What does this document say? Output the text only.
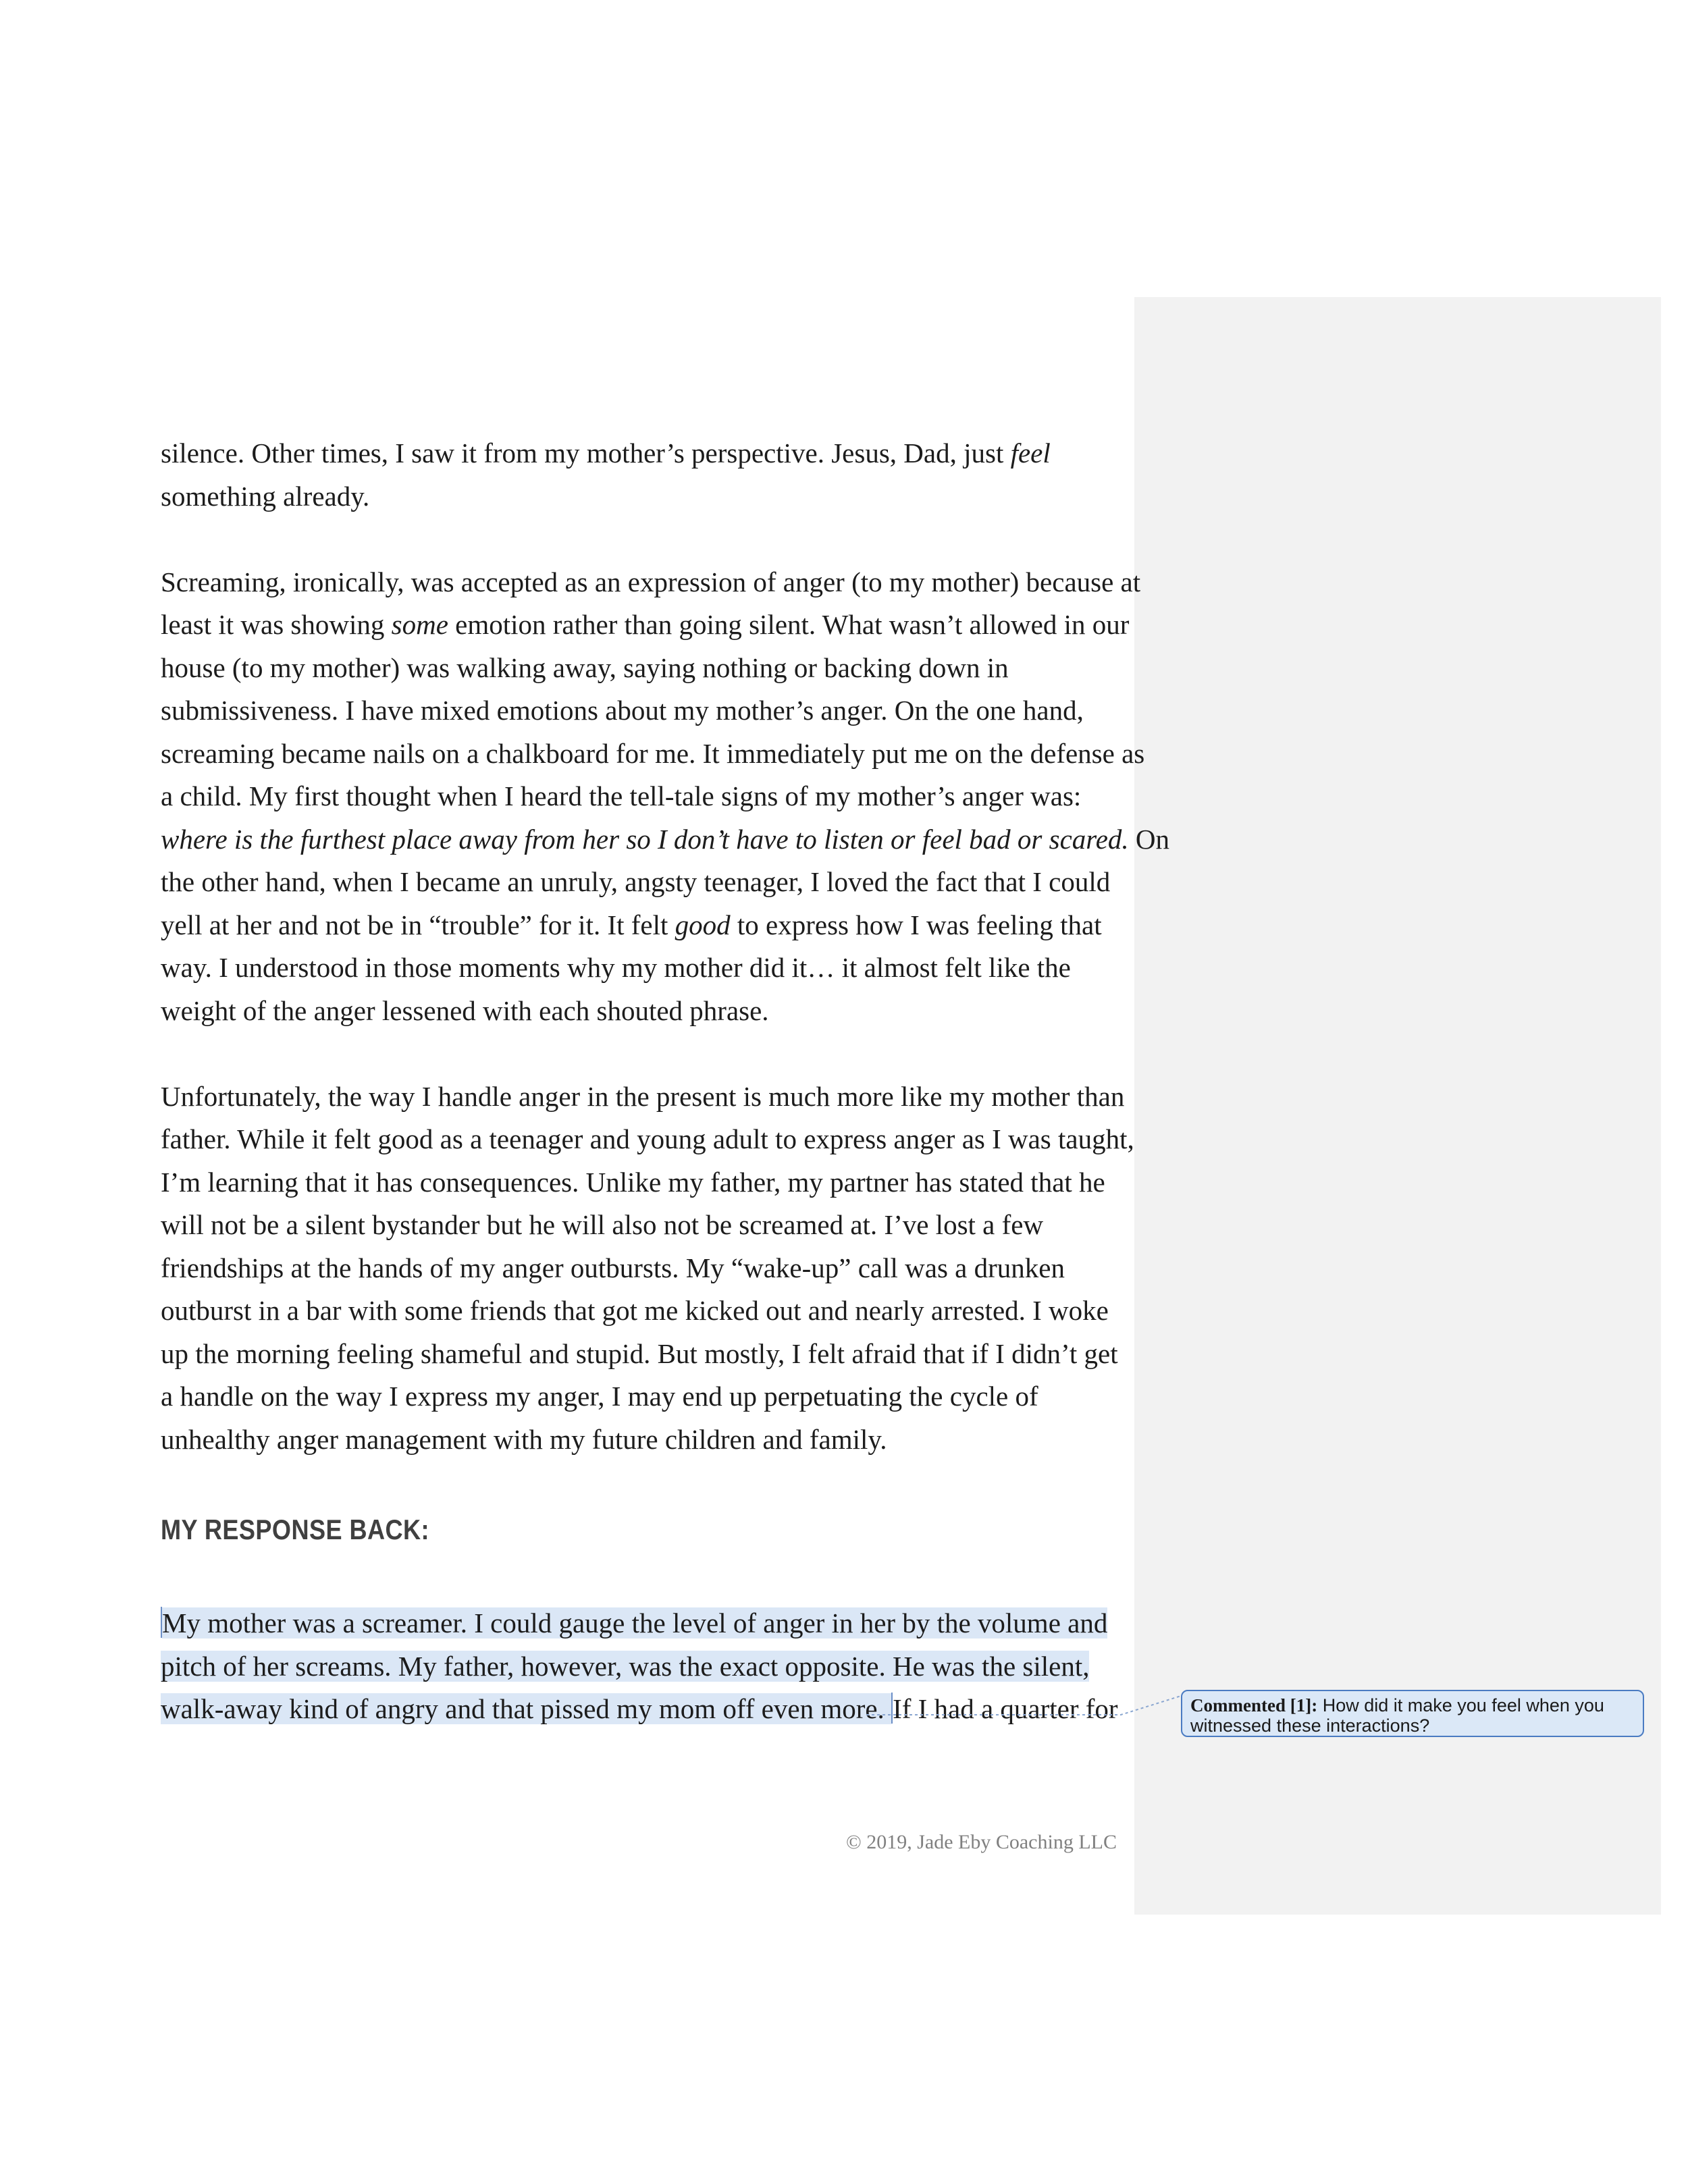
silence. Other times, I saw it from my mother’s perspective. Jesus, Dad, just feel
something already.
Screaming, ironically, was accepted as an expression of anger (to my mother) because at
least it was showing some emotion rather than going silent. What wasn’t allowed in our
house (to my mother) was walking away, saying nothing or backing down in
submissiveness. I have mixed emotions about my mother’s anger. On the one hand,
screaming became nails on a chalkboard for me. It immediately put me on the defense as
a child. My first thought when I heard the tell-tale signs of my mother’s anger was:
where is the furthest place away from her so I don’t have to listen or feel bad or scared. On
the other hand, when I became an unruly, angsty teenager, I loved the fact that I could
yell at her and not be in “trouble” for it. It felt good to express how I was feeling that
way. I understood in those moments why my mother did it… it almost felt like the
weight of the anger lessened with each shouted phrase.
Unfortunately, the way I handle anger in the present is much more like my mother than
father. While it felt good as a teenager and young adult to express anger as I was taught,
I’m learning that it has consequences. Unlike my father, my partner has stated that he
will not be a silent bystander but he will also not be screamed at. I’ve lost a few
friendships at the hands of my anger outbursts. My “wake-up” call was a drunken
outburst in a bar with some friends that got me kicked out and nearly arrested. I woke
up the morning feeling shameful and stupid. But mostly, I felt afraid that if I didn’t get
a handle on the way I express my anger, I may end up perpetuating the cycle of
unhealthy anger management with my future children and family.
MY RESPONSE BACK:
My mother was a screamer. I could gauge the level of anger in her by the volume and
pitch of her screams. My father, however, was the exact opposite. He was the silent,
walk-away kind of angry and that pissed my mom off even more. If I had a quarter for
© 2019, Jade Eby Coaching LLC
Commented [1]: How did it make you feel when you witnessed these interactions?
